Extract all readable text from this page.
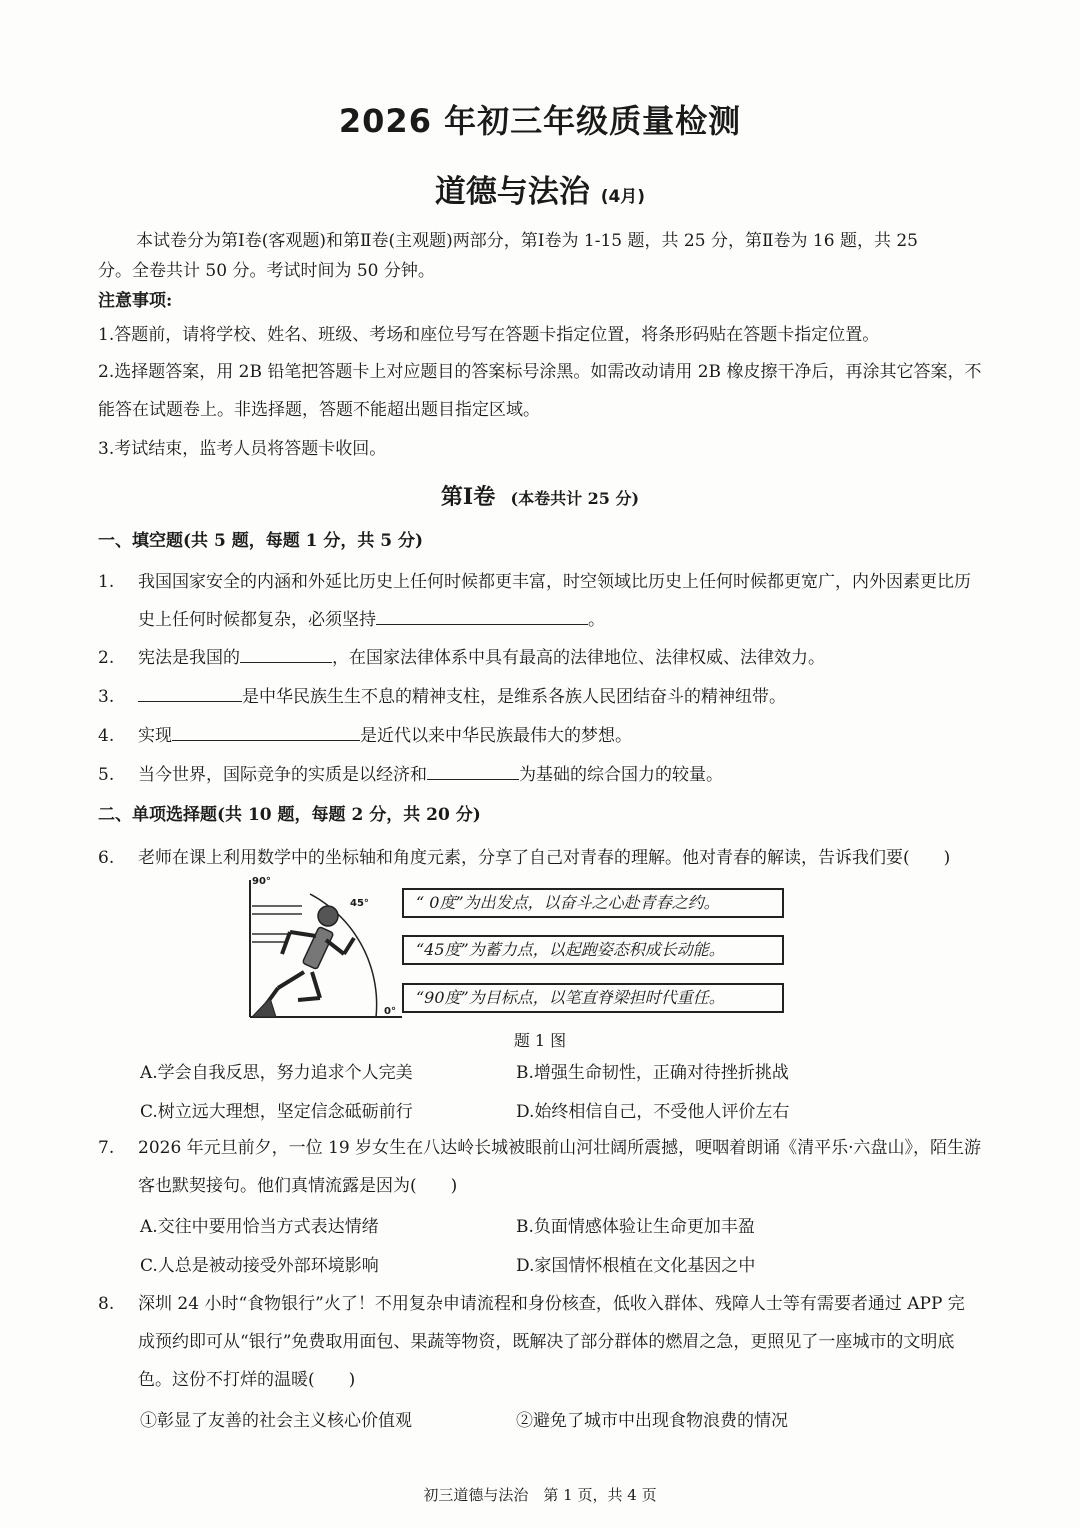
2026 年初三年级质量检测
道德与法治 (4月)
本试卷分为第Ⅰ卷(客观题)和第Ⅱ卷(主观题)两部分，第Ⅰ卷为 1-15 题，共 25 分，第Ⅱ卷为 16 题，共 25
分。全卷共计 50 分。考试时间为 50 分钟。
注意事项:
1.答题前，请将学校、姓名、班级、考场和座位号写在答题卡指定位置，将条形码贴在答题卡指定位置。
2.选择题答案，用 2B 铅笔把答题卡上对应题目的答案标号涂黑。如需改动请用 2B 橡皮擦干净后，再涂其它答案，不
能答在试题卷上。非选择题，答题不能超出题目指定区域。
3.考试结束，监考人员将答题卡收回。
第Ⅰ卷 (本卷共计 25 分)
一、填空题(共 5 题，每题 1 分，共 5 分)
1. 我国国家安全的内涵和外延比历史上任何时候都更丰富，时空领域比历史上任何时候都更宽广，内外因素更比历
史上任何时候都复杂，必须坚持	。
2. 宪法是我国的	，在国家法律体系中具有最高的法律地位、法律权威、法律效力。
3.	是中华民族生生不息的精神支柱，是维系各族人民团结奋斗的精神纽带。
4. 实现	是近代以来中华民族最伟大的梦想。
5. 当今世界，国际竞争的实质是以经济和	为基础的综合国力的较量。
二、单项选择题(共 10 题，每题 2 分，共 20 分)
6. 老师在课上利用数学中的坐标轴和角度元素，分享了自己对青春的理解。他对青春的解读，告诉我们要(　　)
90°
45°
0°
“ 0度”为出发点，以奋斗之心赴青春之约。
“45度”为蓄力点，以起跑姿态积成长动能。
“90度”为目标点，以笔直脊梁担时代重任。
题 1 图
A.学会自我反思，努力追求个人完美	B.增强生命韧性，正确对待挫折挑战
C.树立远大理想，坚定信念砥砺前行	D.始终相信自己，不受他人评价左右
7. 2026 年元旦前夕，一位 19 岁女生在八达岭长城被眼前山河壮阔所震撼，哽咽着朗诵《清平乐·六盘山》，陌生游
客也默契接句。他们真情流露是因为(　　)
A.交往中要用恰当方式表达情绪	B.负面情感体验让生命更加丰盈
C.人总是被动接受外部环境影响	D.家国情怀根植在文化基因之中
8. 深圳 24 小时“食物银行”火了！不用复杂申请流程和身份核查，低收入群体、残障人士等有需要者通过 APP 完
成预约即可从“银行”免费取用面包、果蔬等物资，既解决了部分群体的燃眉之急，更照见了一座城市的文明底
色。这份不打烊的温暖(　　)
①彰显了友善的社会主义核心价值观	②避免了城市中出现食物浪费的情况
初三道德与法治　第 1 页，共 4 页
